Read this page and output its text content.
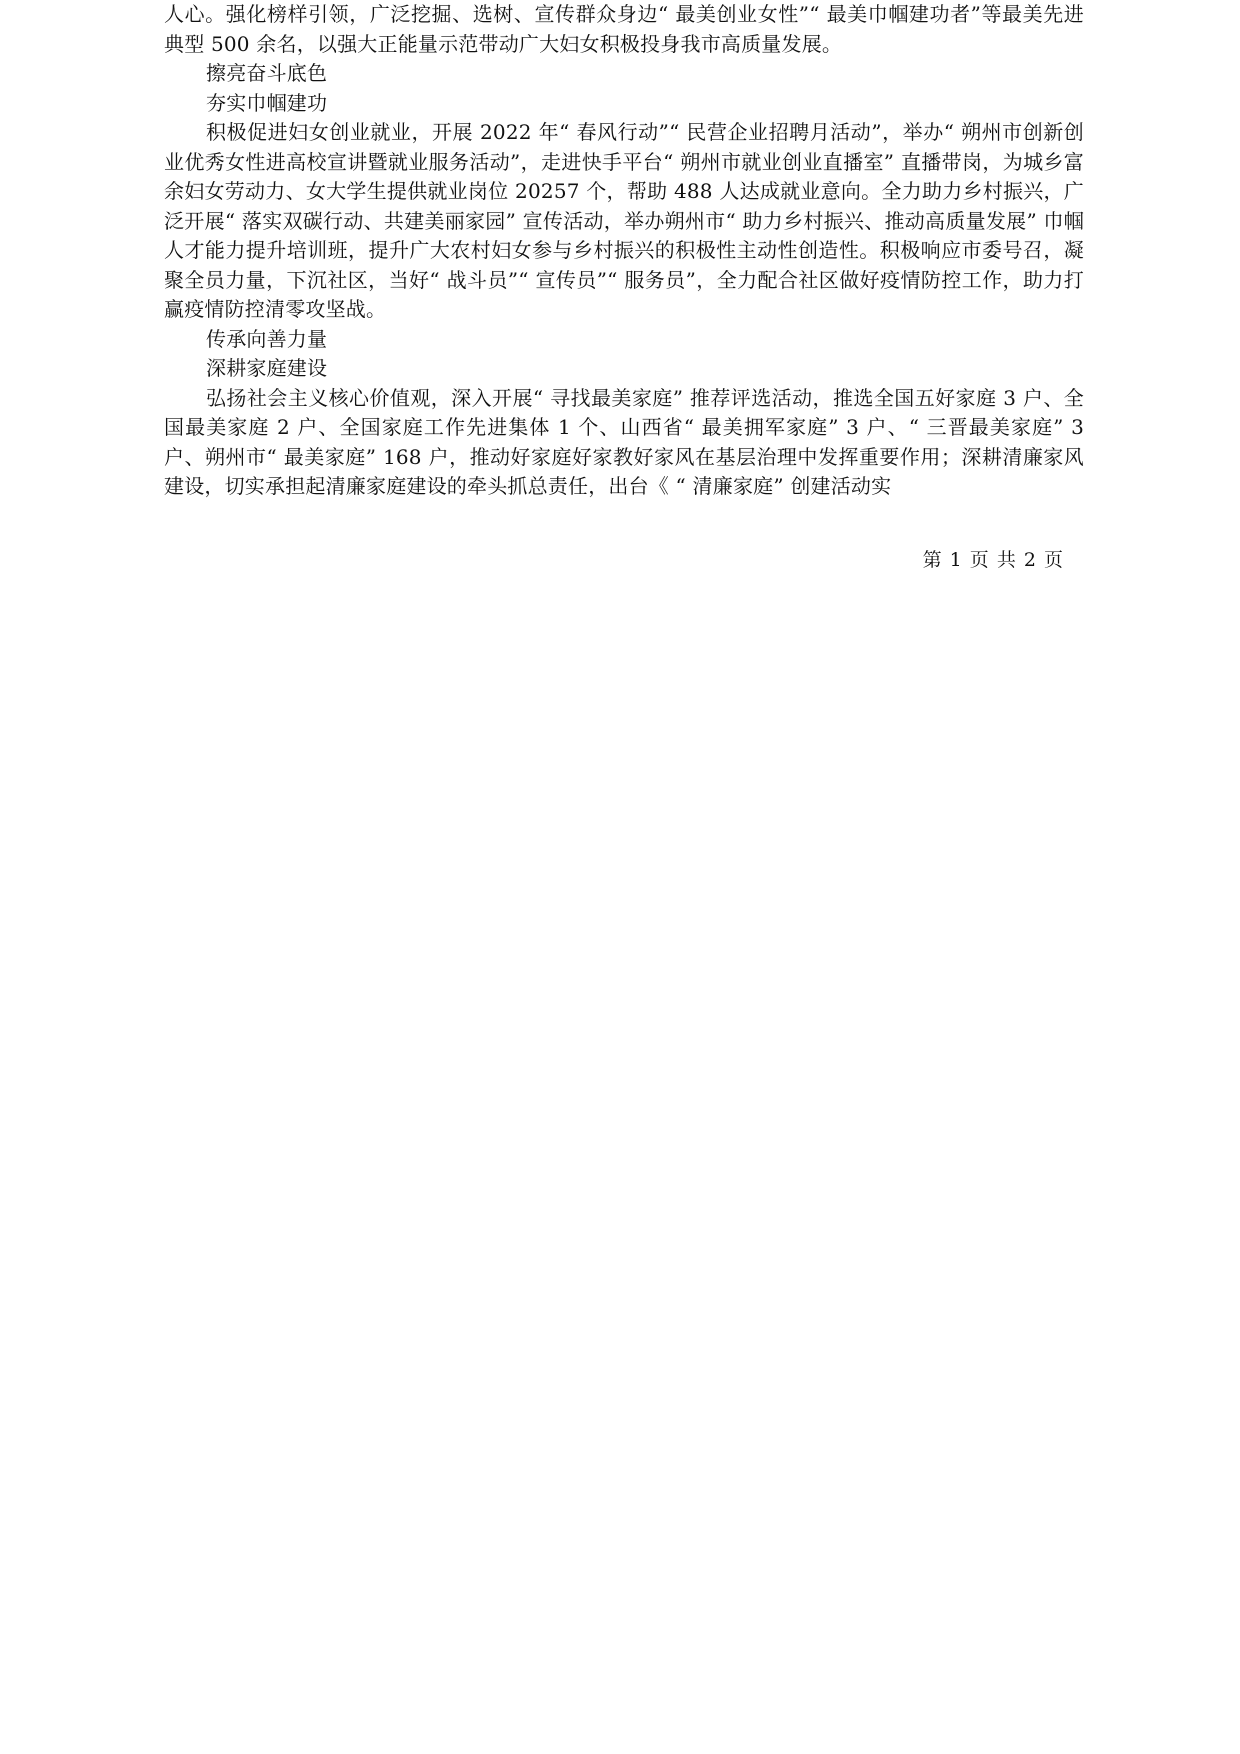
人心。强化榜样引领，广泛挖掘、选树、宣传群众身边“ 最美创业女性”“ 最美巾帼建功者”等最美先进典型 500 余名，以强大正能量示范带动广大妇女积极投身我市高质量发展。

擦亮奋斗底色

夯实巾帼建功

积极促进妇女创业就业，开展 2022 年“ 春风行动”“ 民营企业招聘月活动”，举办“ 朔州市创新创业优秀女性进高校宣讲暨就业服务活动”，走进快手平台“ 朔州市就业创业直播室” 直播带岗，为城乡富余妇女劳动力、女大学生提供就业岗位 20257 个，帮助 488 人达成就业意向。全力助力乡村振兴，广泛开展“ 落实双碳行动、共建美丽家园” 宣传活动，举办朔州市“ 助力乡村振兴、推动高质量发展” 巾帼人才能力提升培训班，提升广大农村妇女参与乡村振兴的积极性主动性创造性。积极响应市委号召，凝聚全员力量，下沉社区，当好“ 战斗员”“ 宣传员”“ 服务员”，全力配合社区做好疫情防控工作，助力打赢疫情防控清零攻坚战。

传承向善力量

深耕家庭建设

弘扬社会主义核心价值观，深入开展“ 寻找最美家庭” 推荐评选活动，推选全国五好家庭 3 户、全国最美家庭 2 户、全国家庭工作先进集体 1 个、山西省“ 最美拥军家庭” 3 户、“ 三晋最美家庭” 3 户、朔州市“ 最美家庭” 168 户，推动好家庭好家教好家风在基层治理中发挥重要作用；深耕清廉家风建设，切实承担起清廉家庭建设的牵头抓总责任，出台《 “ 清廉家庭” 创建活动实

第 1 页 共 2 页
